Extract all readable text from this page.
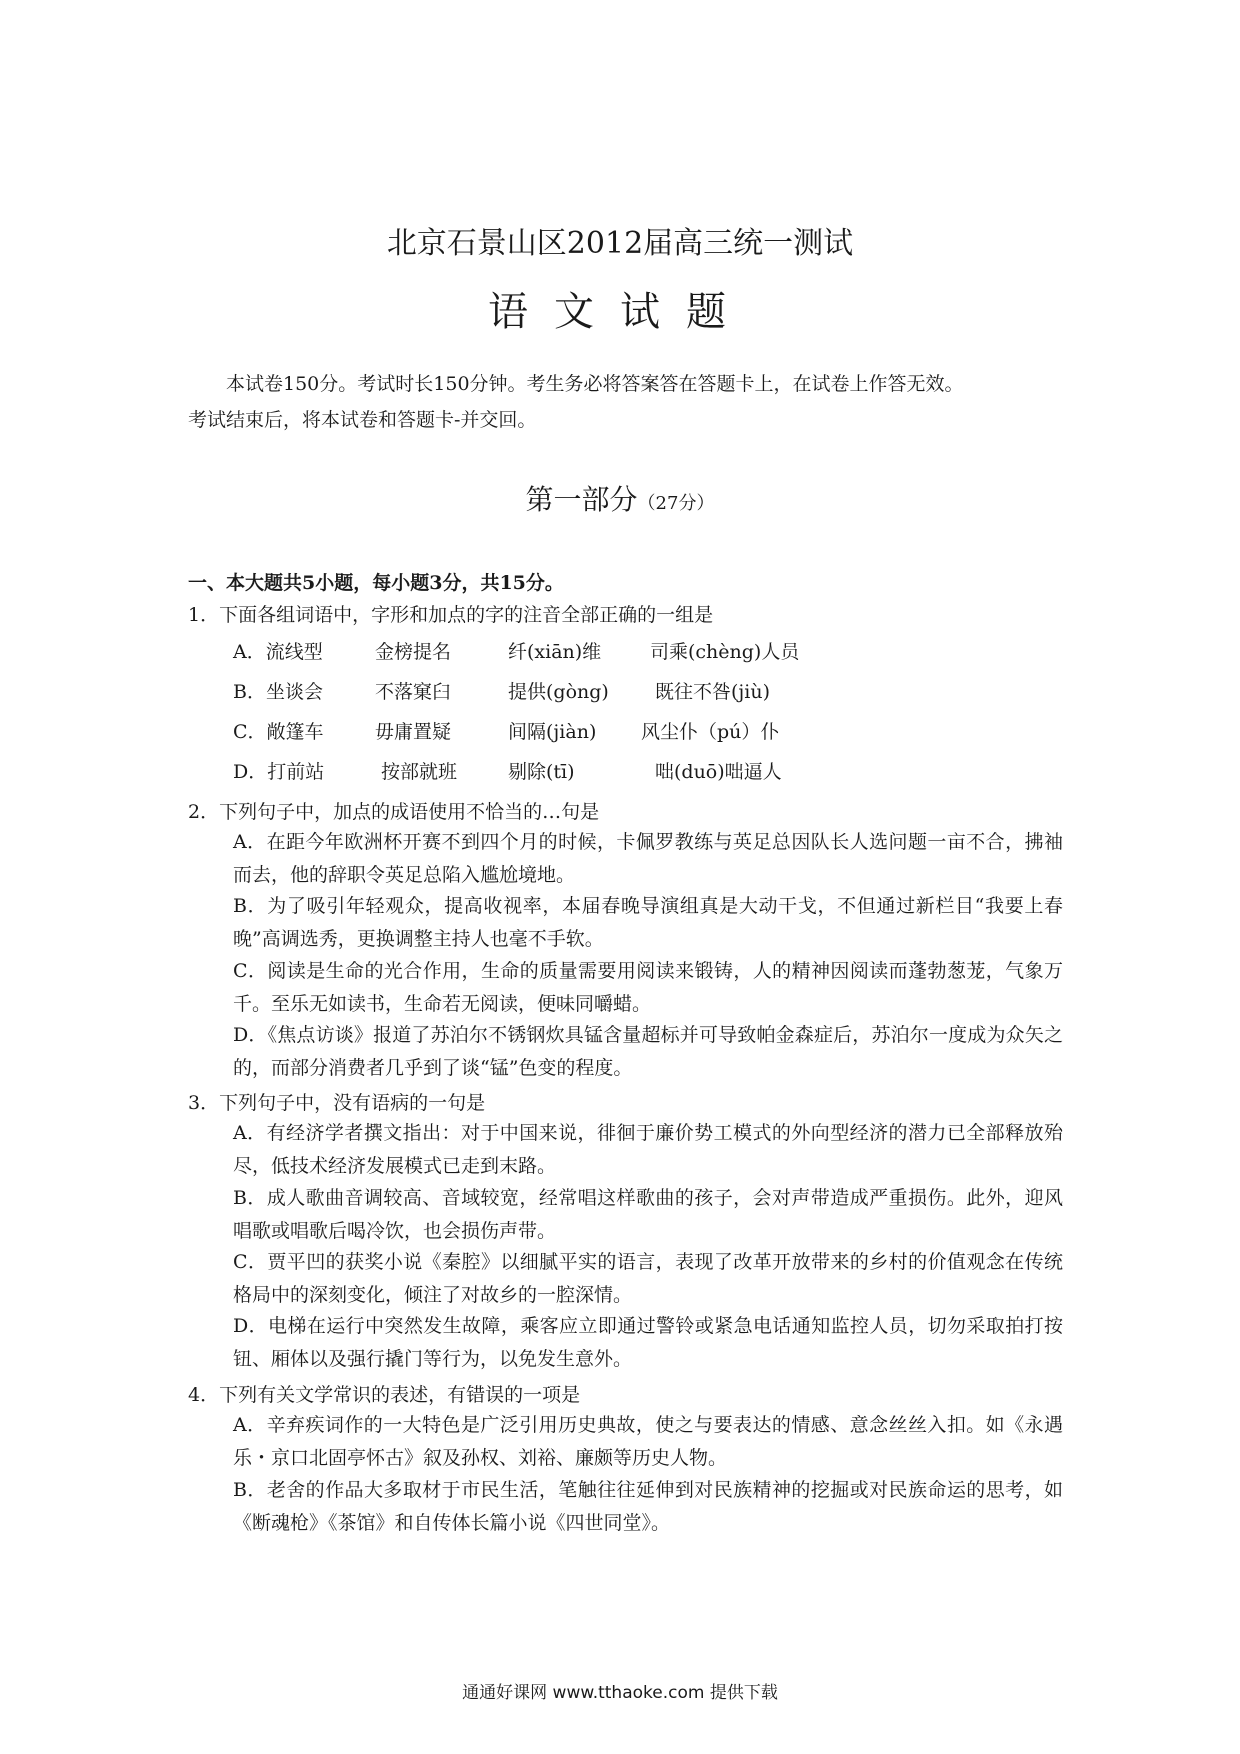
北京石景山区2012届高三统一测试
语文试题

本试卷150分。考试时长150分钟。考生务必将答案答在答题卡上，在试卷上作答无效。

考试结束后，将本试卷和答题卡-并交回。

第一部分（27分）
一、本大题共5小题，每小题3分，共15分。
1．下面各组词语中，字形和加点的字的注音全部正确的一组是
A．流线型	金榜提名	纤(xiān)维	司乘(chèng)人员
B．坐谈会	不落窠臼	提供(gòng) 既往不咎(jiù)
C．敞篷车	毋庸置疑	间隔(jiàn) 风尘仆（pú）仆
D．打前站	按部就班	剔除(tī)	咄(duō)咄逼人
2．下列句子中，加点的成语使用不恰当的…句是
A．在距今年欧洲杯开赛不到四个月的时候，卡佩罗教练与英足总因队长人选问题一亩不合，拂袖而去，他的辞职令英足总陷入尴尬境地。
B．为了吸引年轻观众，提高收视率，本届春晚导演组真是大动干戈，不但通过新栏目“我要上春晚”高调选秀，更换调整主持人也毫不手软。
C．阅读是生命的光合作用，生命的质量需要用阅读来锻铸，人的精神因阅读而蓬勃葱茏，气象万千。至乐无如读书，生命若无阅读，便味同嚼蜡。
D．《焦点访谈》报道了苏泊尔不锈钢炊具锰含量超标并可导致帕金森症后，苏泊尔一度成为众矢之的，而部分消费者几乎到了谈“锰”色变的程度。
3．下列句子中，没有语病的一句是
A．有经济学者撰文指出：对于中国来说，徘徊于廉价势工模式的外向型经济的潜力已全部释放殆尽，低技术经济发展模式已走到末路。
B．成人歌曲音调较高、音域较宽，经常唱这样歌曲的孩子，会对声带造成严重损伤。此外，迎风唱歌或唱歌后喝冷饮，也会损伤声带。
C．贾平凹的获奖小说《秦腔》以细腻平实的语言，表现了改革开放带来的乡村的价值观念在传统格局中的深刻变化，倾注了对故乡的一腔深情。
D．电梯在运行中突然发生故障，乘客应立即通过警铃或紧急电话通知监控人员，切勿采取拍打按钮、厢体以及强行撬门等行为，以免发生意外。
4．下列有关文学常识的表述，有错误的一项是
A．辛弃疾词作的一大特色是广泛引用历史典故，使之与要表达的情感、意念丝丝入扣。如《永遇乐・京口北固亭怀古》叙及孙权、刘裕、廉颇等历史人物。
B．老舍的作品大多取材于市民生活，笔触往往延伸到对民族精神的挖掘或对民族命运的思考，如《断魂枪》《茶馆》和自传体长篇小说《四世同堂》。
通通好课网 www.tthaoke.com 提供下载
